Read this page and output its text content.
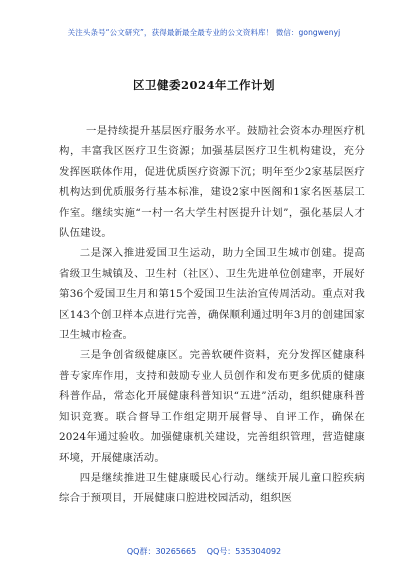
关注头条号“公文研究”，获得最新最全最专业的公文资料库！ 微信：gongwenyj
区卫健委2024年工作计划

一是持续提升基层医疗服务水平。鼓励社会资本办理医疗机构，丰富我区医疗卫生资源；加强基层医疗卫生机构建设，充分发挥医联体作用，促进优质医疗资源下沉；明年至少2家基层医疗机构达到优质服务行基本标准，建设2家中医阁和1家名医基层工作室。继续实施“一村一名大学生村医提升计划”，强化基层人才队伍建设。

二是深入推进爱国卫生运动，助力全国卫生城市创建。提高省级卫生城镇及、卫生村（社区）、卫生先进单位创建率，开展好第36个爱国卫生月和第15个爱国卫生法治宣传周活动。重点对我区143个创卫样本点进行完善，确保顺利通过明年3月的创建国家卫生城市检查。

三是争创省级健康区。完善软硬件资料，充分发挥区健康科普专家库作用，支持和鼓励专业人员创作和发布更多优质的健康科普作品，常态化开展健康科普知识“五进”活动，组织健康科普知识竞赛。联合督导工作组定期开展督导、自评工作，确保在2024年通过验收。加强健康机关建设，完善组织管理，营造健康环境，开展健康活动。

四是继续推进卫生健康暖民心行动。继续开展儿童口腔疾病综合于预项目，开展健康口腔进校园活动，组织医

QQ群：30265665 QQ号：535304092
